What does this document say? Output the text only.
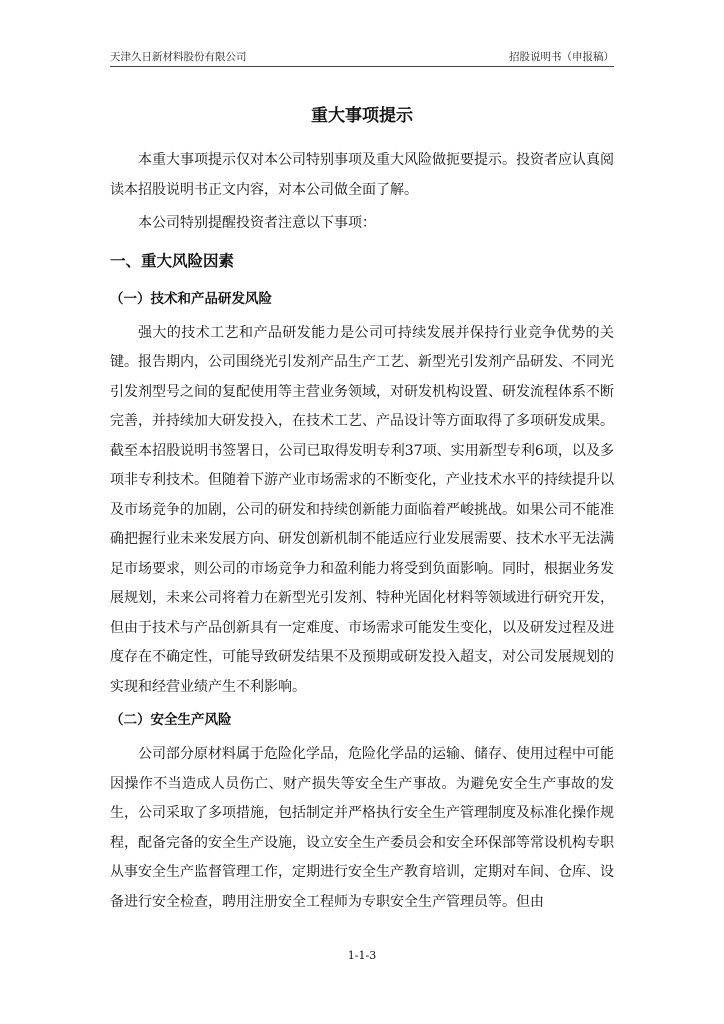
天津久日新材料股份有限公司	招股说明书（申报稿）
重大事项提示

本重大事项提示仅对本公司特别事项及重大风险做扼要提示。投资者应认真阅读本招股说明书正文内容，对本公司做全面了解。

本公司特别提醒投资者注意以下事项：

一、重大风险因素
（一）技术和产品研发风险

强大的技术工艺和产品研发能力是公司可持续发展并保持行业竞争优势的关键。报告期内，公司围绕光引发剂产品生产工艺、新型光引发剂产品研发、不同光引发剂型号之间的复配使用等主营业务领域，对研发机构设置、研发流程体系不断完善，并持续加大研发投入，在技术工艺、产品设计等方面取得了多项研发成果。截至本招股说明书签署日，公司已取得发明专利37项、实用新型专利6项，以及多项非专利技术。但随着下游产业市场需求的不断变化，产业技术水平的持续提升以及市场竞争的加剧，公司的研发和持续创新能力面临着严峻挑战。如果公司不能准确把握行业未来发展方向、研发创新机制不能适应行业发展需要、技术水平无法满足市场要求，则公司的市场竞争力和盈利能力将受到负面影响。同时，根据业务发展规划，未来公司将着力在新型光引发剂、特种光固化材料等领域进行研究开发，但由于技术与产品创新具有一定难度、市场需求可能发生变化，以及研发过程及进度存在不确定性，可能导致研发结果不及预期或研发投入超支，对公司发展规划的实现和经营业绩产生不利影响。

（二）安全生产风险

公司部分原材料属于危险化学品，危险化学品的运输、储存、使用过程中可能因操作不当造成人员伤亡、财产损失等安全生产事故。为避免安全生产事故的发生，公司采取了多项措施，包括制定并严格执行安全生产管理制度及标准化操作规程，配备完备的安全生产设施，设立安全生产委员会和安全环保部等常设机构专职从事安全生产监督管理工作，定期进行安全生产教育培训，定期对车间、仓库、设备进行安全检查，聘用注册安全工程师为专职安全生产管理员等。但由

1-1-3
